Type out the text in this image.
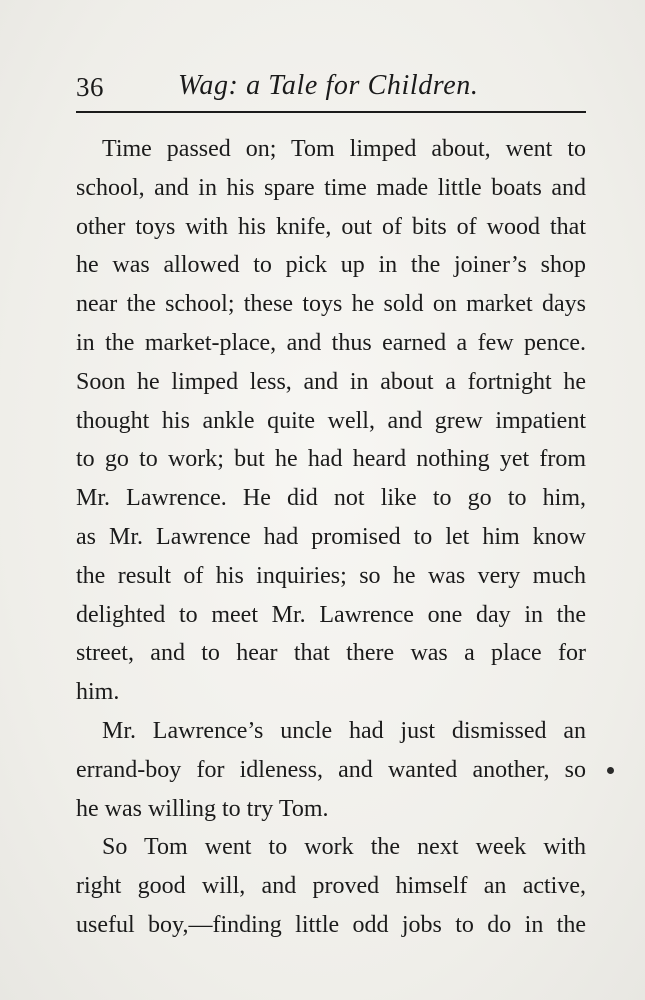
36	Wag: a Tale for Children.
Time passed on; Tom limped about, went to
school, and in his spare time made little boats and
other toys with his knife, out of bits of wood that
he was allowed to pick up in the joiner’s shop
near the school; these toys he sold on market days
in the market-place, and thus earned a few pence.
Soon he limped less, and in about a fortnight he
thought his ankle quite well, and grew impatient
to go to work; but he had heard nothing yet from
Mr. Lawrence. He did not like to go to him,
as Mr. Lawrence had promised to let him know
the result of his inquiries; so he was very much
delighted to meet Mr. Lawrence one day in the
street, and to hear that there was a place for
him.
Mr. Lawrence’s uncle had just dismissed an
errand-boy for idleness, and wanted another, so
he was willing to try Tom.
So Tom went to work the next week with
right good will, and proved himself an active,
useful boy,—finding little odd jobs to do in the
